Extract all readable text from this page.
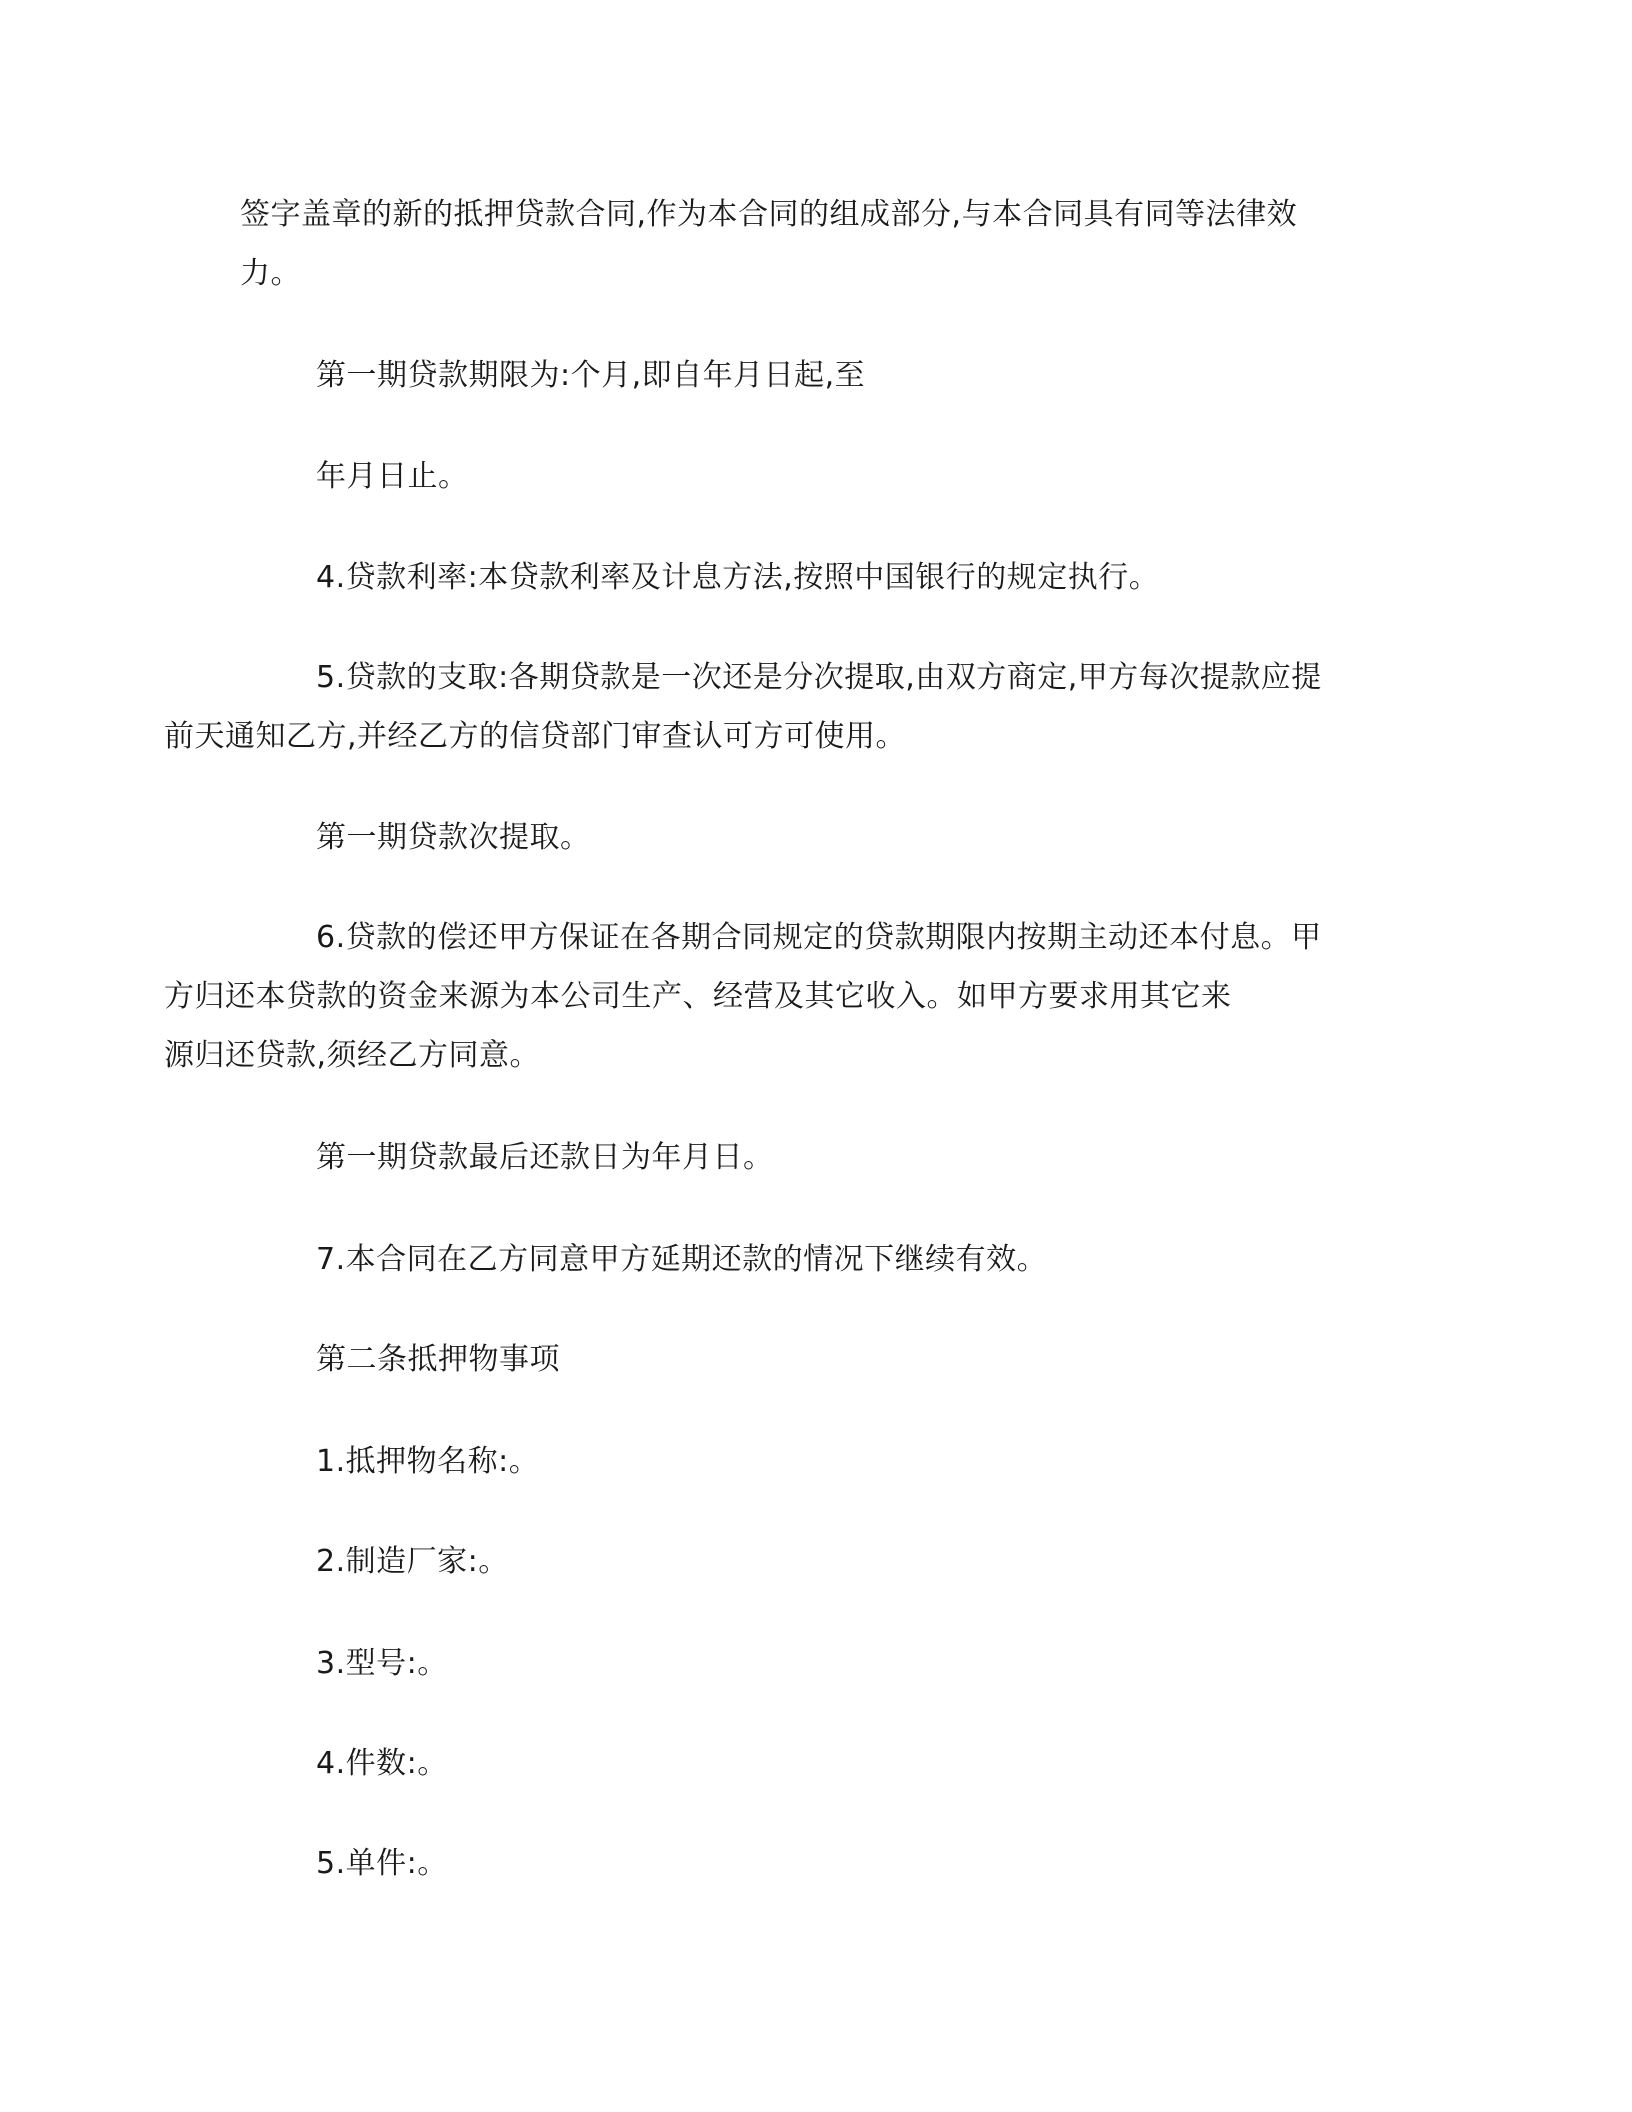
签字盖章的新的抵押贷款合同,作为本合同的组成部分,与本合同具有同等法律效
力。

第一期贷款期限为:个月,即自年月日起,至

年月日止。

4.贷款利率:本贷款利率及计息方法,按照中国银行的规定执行。

5.贷款的支取:各期贷款是一次还是分次提取,由双方商定,甲方每次提款应提
前天通知乙方,并经乙方的信贷部门审查认可方可使用。

第一期贷款次提取。

6.贷款的偿还甲方保证在各期合同规定的贷款期限内按期主动还本付息。甲
方归还本贷款的资金来源为本公司生产、经营及其它收入。如甲方要求用其它来
源归还贷款,须经乙方同意。

第一期贷款最后还款日为年月日。

7.本合同在乙方同意甲方延期还款的情况下继续有效。

第二条抵押物事项

1.抵押物名称:。

2.制造厂家:。

3.型号:。

4.件数:。

5.单件:。
